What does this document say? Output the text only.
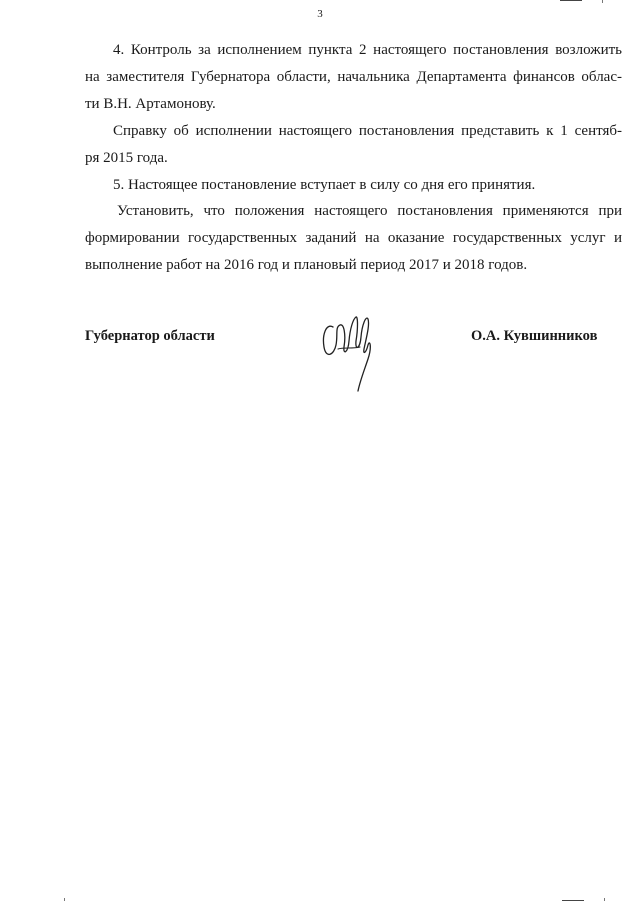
3
4. Контроль за исполнением пункта 2 настоящего постановления возложить
на заместителя Губернатора области, начальника Департамента финансов облас-
ти В.Н. Артамонову.
Справку об исполнении настоящего постановления представить к 1 сентяб-
ря 2015 года.
5. Настоящее постановление вступает в силу со дня его принятия.
Установить, что положения настоящего постановления применяются при
формировании государственных заданий на оказание государственных услуг и
выполнение работ на 2016 год и плановый период 2017 и 2018 годов.
Губернатор области	О.А. Кувшинников
